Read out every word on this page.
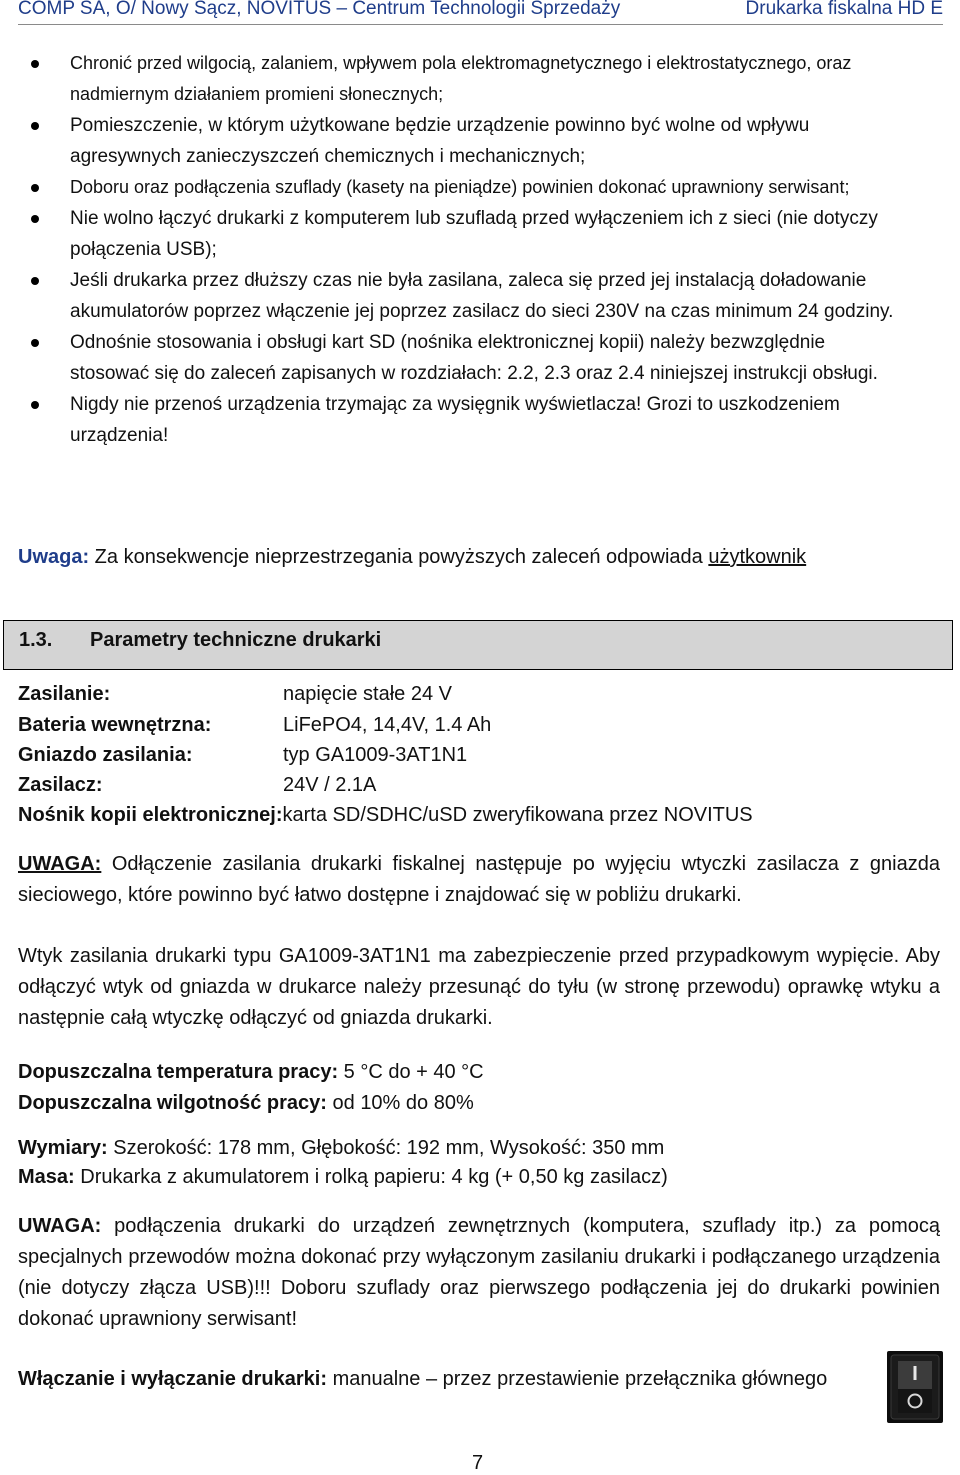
COMP SA, O/ Nowy Sącz, NOVITUS – Centrum Technologii Sprzedaży	Drukarka fiskalna HD E
Chronić przed wilgocią, zalaniem, wpływem pola elektromagnetycznego i elektrostatycznego, oraz nadmiernym działaniem promieni słonecznych;
Pomieszczenie, w którym użytkowane będzie urządzenie powinno być wolne od wpływu agresywnych zanieczyszczeń chemicznych i mechanicznych;
Doboru oraz podłączenia szuflady (kasety na pieniądze) powinien dokonać uprawniony serwisant;
Nie wolno łączyć drukarki z komputerem lub szufladą przed wyłączeniem ich z sieci (nie dotyczy połączenia USB);
Jeśli drukarka przez dłuższy czas nie była zasilana, zaleca się przed jej instalacją doładowanie akumulatorów poprzez włączenie jej poprzez zasilacz do sieci 230V na czas minimum 24 godziny.
Odnośnie stosowania i obsługi kart SD (nośnika elektronicznej kopii) należy bezwzględnie stosować się do zaleceń zapisanych w rozdziałach: 2.2, 2.3 oraz 2.4 niniejszej instrukcji obsługi.
Nigdy nie przenoś urządzenia trzymając za wysięgnik wyświetlacza! Grozi to uszkodzeniem urządzenia!
Uwaga: Za konsekwencje nieprzestrzegania powyższych zaleceń odpowiada użytkownik
1.3. Parametry techniczne drukarki
Zasilanie:	napięcie stałe 24 V
Bateria wewnętrzna:	LiFePO4, 14,4V, 1.4 Ah
Gniazdo zasilania:	typ GA1009-3AT1N1
Zasilacz:	24V / 2.1A
Nośnik kopii elektronicznej:karta SD/SDHC/uSD zweryfikowana przez NOVITUS
UWAGA: Odłączenie zasilania drukarki fiskalnej następuje po wyjęciu wtyczki zasilacza z gniazda sieciowego, które powinno być łatwo dostępne i znajdować się w pobliżu drukarki.
Wtyk zasilania drukarki typu GA1009-3AT1N1 ma zabezpieczenie przed przypadkowym wypięcie. Aby odłączyć wtyk od gniazda w drukarce należy przesunąć do tyłu (w stronę przewodu) oprawkę wtyku a następnie całą wtyczkę odłączyć od gniazda drukarki.
Dopuszczalna temperatura pracy: 5 °C do + 40 °C
Dopuszczalna wilgotność pracy: od 10% do 80%
Wymiary: Szerokość: 178 mm, Głębokość: 192 mm, Wysokość: 350 mm
Masa: Drukarka z akumulatorem i rolką papieru: 4 kg (+ 0,50 kg zasilacz)
UWAGA: podłączenia drukarki do urządzeń zewnętrznych (komputera, szuflady itp.) za pomocą specjalnych przewodów można dokonać przy wyłączonym zasilaniu drukarki i podłączanego urządzenia (nie dotyczy złącza USB)!!! Doboru szuflady oraz pierwszego podłączenia jej do drukarki powinien dokonać uprawniony serwisant!
Włączanie i wyłączanie drukarki: manualne – przez przestawienie przełącznika głównego
7
